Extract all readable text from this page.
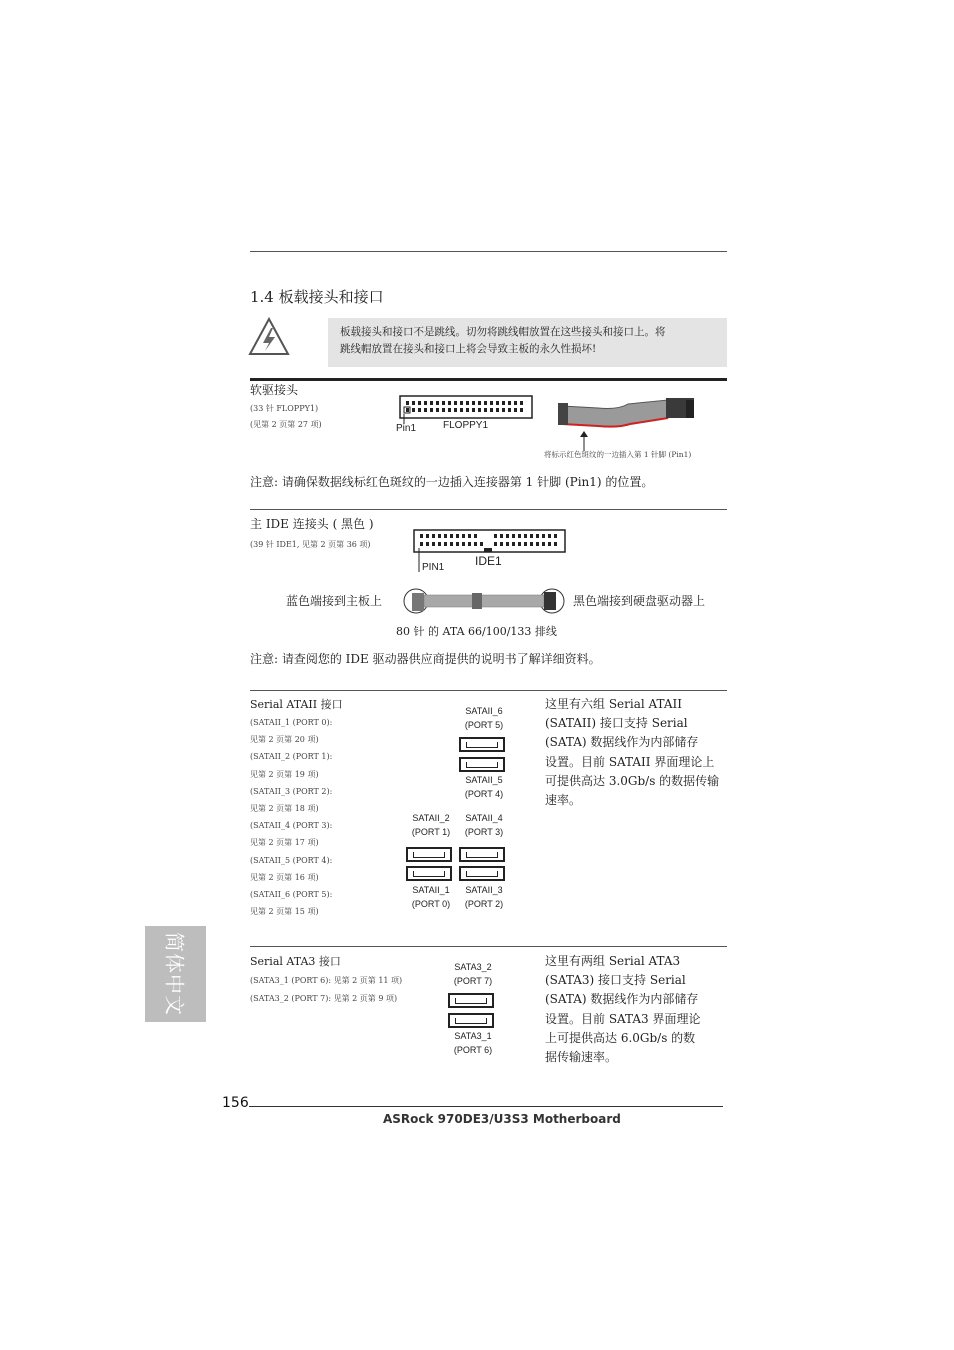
1.4 板载接头和接口
板载接头和接口不是跳线。切勿将跳线帽放置在这些接头和接口上。将
跳线帽放置在接头和接口上将会导致主板的永久性损坏!
软驱接头
(33 针 FLOPPY1)
(见第 2 页第 27 项)	Pin1	FLOPPY1
将标示红色斑纹的一边插入第 1 针脚 (Pin1)
注意: 请确保数据线标红色斑纹的一边插入连接器第 1 针脚 (Pin1) 的位置。
主 IDE 连接头 ( 黑色 )
(39 针 IDE1, 见第 2 页第 36 项)
PIN1	IDE1
蓝色端接到主板上	黑色端接到硬盘驱动器上
80 针 的 ATA 66/100/133 排线
注意: 请查阅您的 IDE 驱动器供应商提供的说明书了解详细资料。
Serial ATAII 接口
(SATAII_1 (PORT 0):
见第 2 页第 20 项)
(SATAII_2 (PORT 1):
见第 2 页第 19 项)
(SATAII_3 (PORT 2):
见第 2 页第 18 项)
(SATAII_4 (PORT 3):
见第 2 页第 17 项)
(SATAII_5 (PORT 4):
见第 2 页第 16 项)
(SATAII_6 (PORT 5):
见第 2 页第 15 项)
SATAII_6
(PORT 5)
SATAII_5
(PORT 4)
SATAII_2
(PORT 1)
SATAII_4
(PORT 3)
SATAII_1
(PORT 0)
SATAII_3
(PORT 2)
这里有六组 Serial ATAII
(SATAII) 接口支持 Serial
(SATA) 数据线作为内部储存
设置。目前 SATAII 界面理论上
可提供高达 3.0Gb/s 的数据传输
速率。
Serial ATA3 接口
(SATA3_1 (PORT 6): 见第 2 页第 11 项)
(SATA3_2 (PORT 7): 见第 2 页第 9 项)
SATA3_2
(PORT 7)
SATA3_1
(PORT 6)
这里有两组 Serial ATA3
(SATA3) 接口支持 Serial
(SATA) 数据线作为内部储存
设置。目前 SATA3 界面理论
上可提供高达 6.0Gb/s 的数
据传输速率。
简体中文
156
ASRock 970DE3/U3S3 Motherboard
